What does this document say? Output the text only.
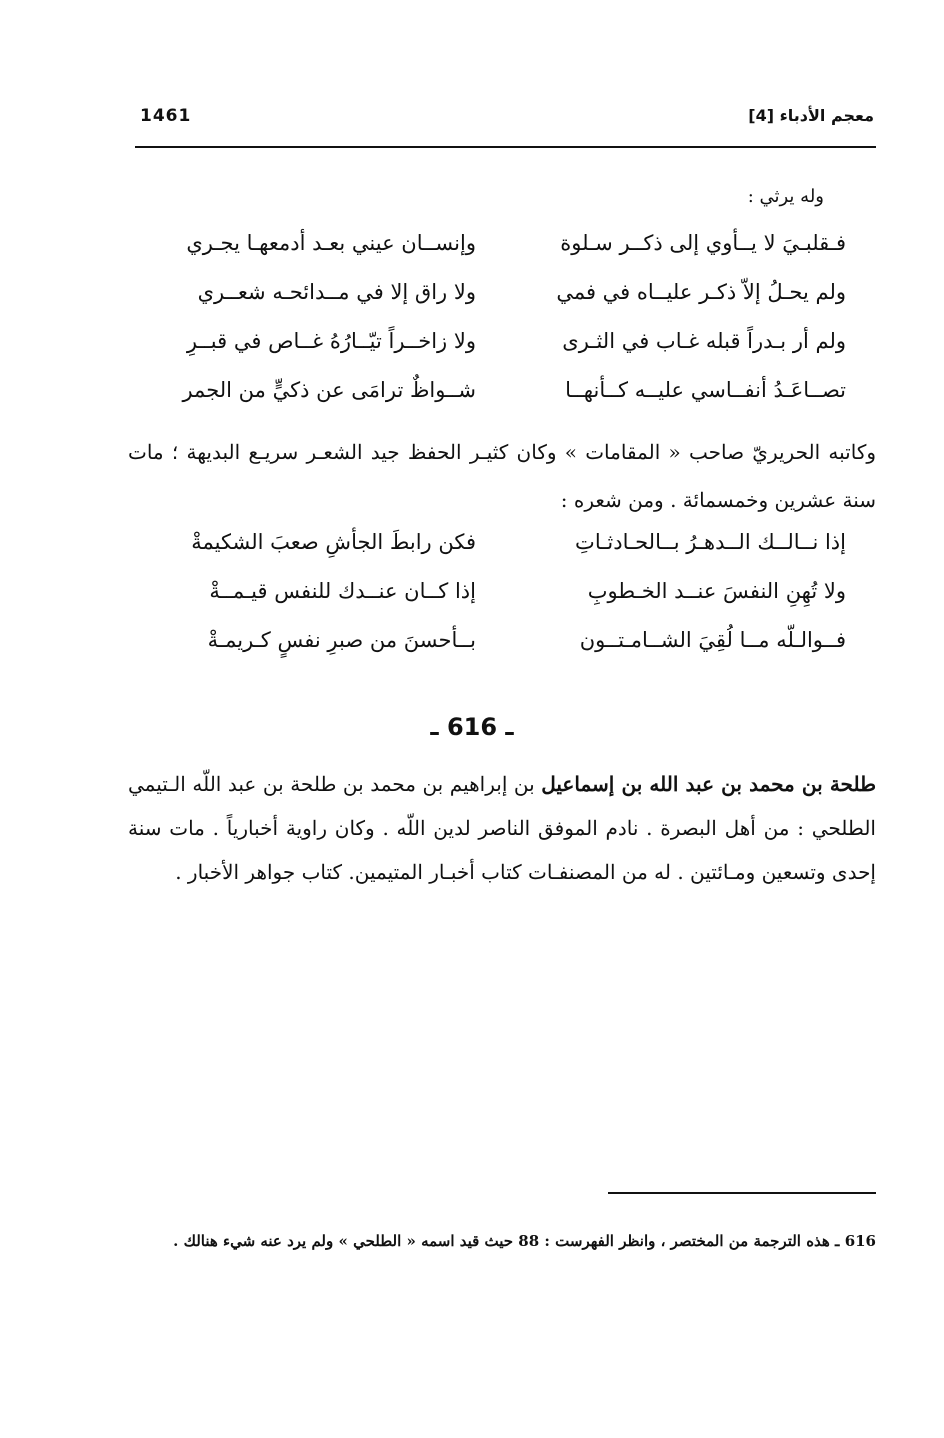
1461	معجم الأدباء [4]
وله يرثي :
فـقلبـيَ لا يــأوي إلى ذكــر سـلوة
وإنســان عيني بعـد أدمعهـا يجـري
ولم يحـلُ إلاّ ذكـر عليــاه في فمي
ولا راق إلا في مــدائحـه شعــري
ولم أر بـدراً قبله غـاب في الثـرى
ولا زاخــراً تيّــارُهُ غــاص في قبــرِ
تصــاعَـدُ أنفــاسي عليــه كــأنهــا
شــواظٌ ترامَى عن ذكيٍّ من الجمر
وكاتبه الحريريّ صاحب « المقامات » وكان كثيـر الحفظ جيد الشعـر سريـع البديهة ؛ مات سنة عشرين وخمسمائة . ومن شعره :
إذا نــالــك الــدهـرُ بــالحـادثـاتِ
فكن رابطَ الجأشِ صعبَ الشكيمةْ
ولا تُهِنِ النفسَ عنــد الخـطوبِ
إذا كــان عنــدك للنفس قيـمــةْ
فــوالـلّه مــا لُقِيَ الشــامـتــون
بــأحسنَ من صبرِ نفسٍ كـريمـةْ
ـ 616 ـ
طلحة بن محمد بن عبد الله بن إسماعيل بن إبراهيم بن محمد بن طلحة بن عبد اللّه الـتيمي الطلحي : من أهل البصرة . نادم الموفق الناصر لدين اللّه . وكان راوية أخبارياً . مات سنة إحدى وتسعين ومـائتين . له من المصنفـات كتاب أخبـار المتيمين. كتاب جواهر الأخبار .
616 ـ هذه الترجمة من المختصر ، وانظر الفهرست : 88 حيث قيد اسمه « الطلحي » ولم يرد عنه شيء هنالك .
